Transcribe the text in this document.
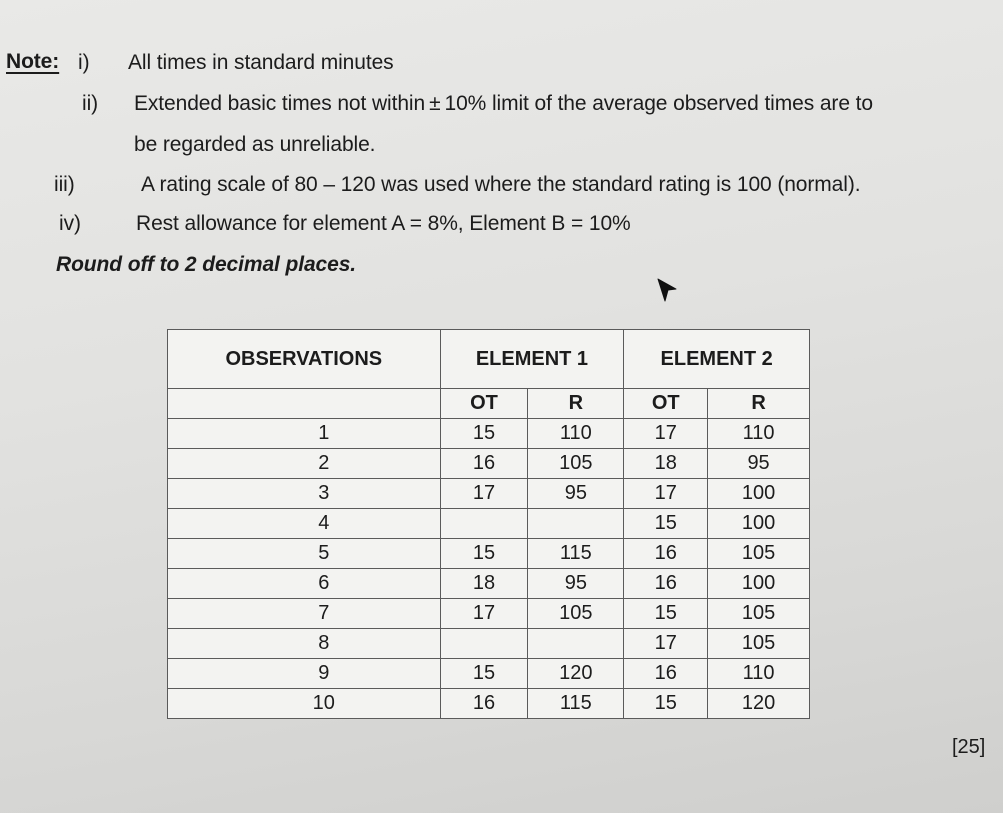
Note: i) All times in standard minutes
ii) Extended basic times not within ± 10% limit of the average observed times are to
be regarded as unreliable.
iii)	A rating scale of 80 – 120 was used where the standard rating is 100 (normal).
iv)	Rest allowance for element A = 8%, Element B = 10%
Round off to 2 decimal places.
OBSERVATIONS	ELEMENT 1		ELEMENT 2	
	OT	R	OT	R
1	15	110	17	110
2	16	105	18	95
3	17	95	17	100
4			15	100
5	15	115	16	105
6	18	95	16	100
7	17	105	15	105
8			17	105
9	15	120	16	110
10	16	115	15	120
[25]
